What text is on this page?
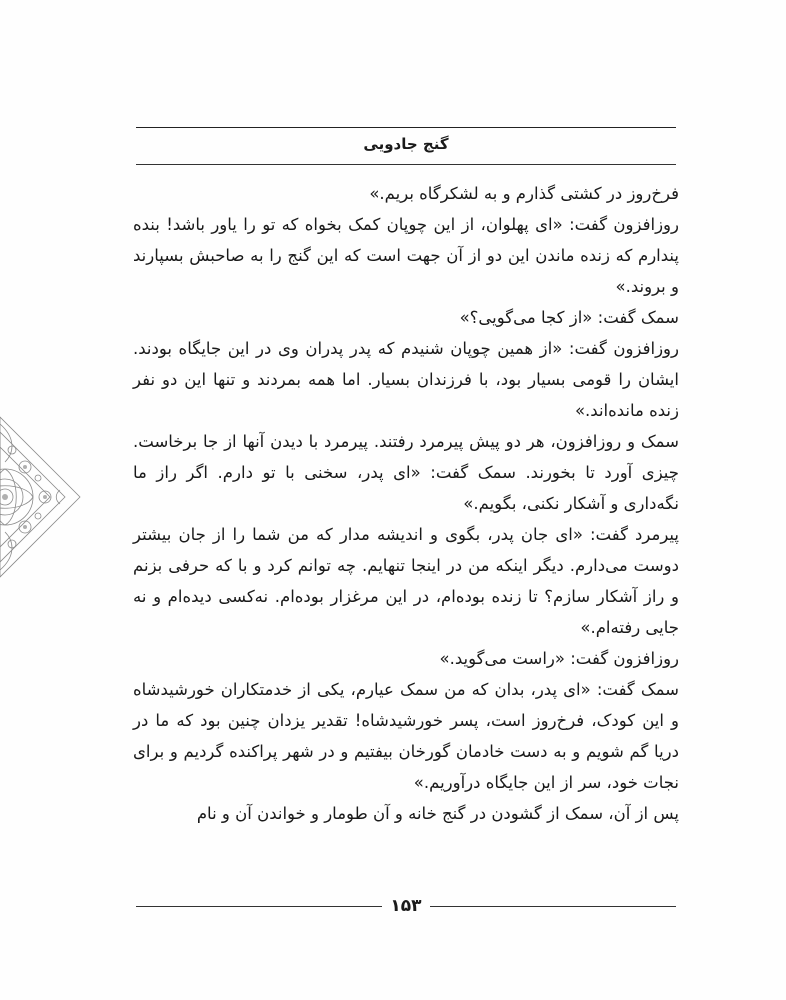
گنج جادویی

فرخ‌روز در کشتی گذارم و به لشکرگاه بریم.»

روزافزون گفت: «ای پهلوان، از این چوپان کمک بخواه که تو را یاور باشد! بنده پندارم که زنده ماندن این دو از آن جهت است که این گنج را به صاحبش بسپارند و بروند.»

سمک گفت: «از کجا می‌گویی؟»

روزافزون گفت: «از همین چوپان شنیدم که پدر پدران وی در این جایگاه بودند. ایشان را قومی بسیار بود، با فرزندان بسیار. اما همه بمردند و تنها این دو نفر زنده مانده‌اند.»

سمک و روزافزون، هر دو پیش پیرمرد رفتند. پیرمرد با دیدن آنها از جا برخاست. چیزی آورد تا بخورند. سمک گفت: «ای پدر، سخنی با تو دارم. اگر راز ما نگه‌داری و آشکار نکنی، بگویم.»

پیرمرد گفت: «ای جان پدر، بگوی و اندیشه مدار که من شما را از جان بیشتر دوست می‌دارم. دیگر اینکه من در اینجا تنهایم. چه توانم کرد و با که حرفی بزنم و راز آشکار سازم؟ تا زنده بوده‌ام، در این مرغزار بوده‌ام. نه‌کسی دیده‌ام و نه جایی رفته‌ام.»

روزافزون گفت: «راست می‌گوید.»

سمک گفت: «ای پدر، بدان که من سمک عیارم، یکی از خدمتکاران خورشیدشاه و این کودک، فرخ‌روز است، پسر خورشیدشاه! تقدیر یزدان چنین بود که ما در دریا گم شویم و به دست خادمان گورخان بیفتیم و در شهر پراکنده گردیم و برای نجات خود، سر از این جایگاه درآوریم.»

پس از آن، سمک از گشودن در گنج خانه و آن طومار و خواندن آن و نام

۱۵۳
